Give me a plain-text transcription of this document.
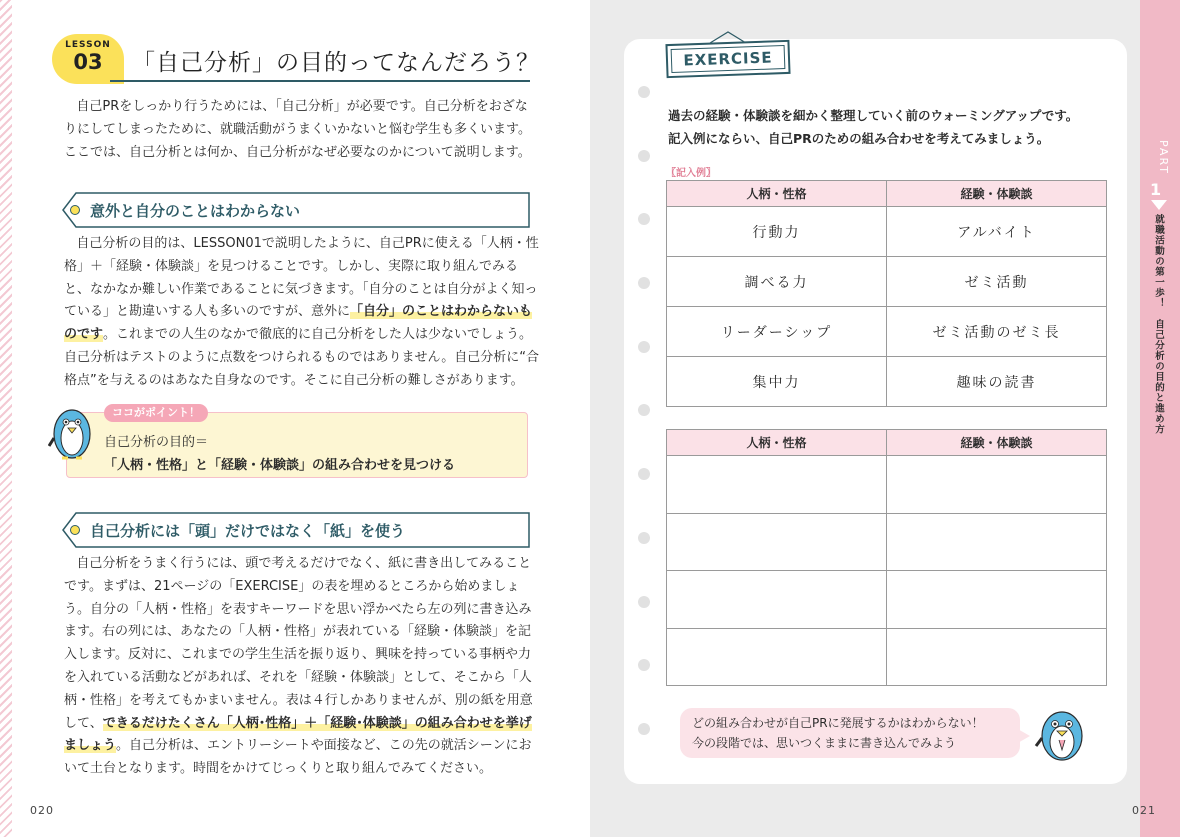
LESSON
03	「自己分析」の目的ってなんだろう？

自己PRをしっかり行うためには、「自己分析」が必要です。自己分析をおざなりにしてしまったために、就職活動がうまくいかないと悩む学生も多くいます。ここでは、自己分析とは何か、自己分析がなぜ必要なのかについて説明します。

意外と自分のことはわからない

自己分析の目的は、LESSON01で説明したように、自己PRに使える「人柄・性格」＋「経験・体験談」を見つけることです。しかし、実際に取り組んでみると、なかなか難しい作業であることに気づきます。「自分のことは自分がよく知っている」と勘違いする人も多いのですが、意外に「自分」のことはわからないものです。これまでの人生のなかで徹底的に自己分析をした人は少ないでしょう。自己分析はテストのように点数をつけられるものではありません。自己分析に“合格点”を与えるのはあなた自身なのです。そこに自己分析の難しさがあります。

ココがポイント！
自己分析の目的＝
「人柄・性格」と「経験・体験談」の組み合わせを見つける
自己分析には「頭」だけではなく「紙」を使う

自己分析をうまく行うには、頭で考えるだけでなく、紙に書き出してみることです。まずは、21ページの「EXERCISE」の表を埋めるところから始めましょう。自分の「人柄・性格」を表すキーワードを思い浮かべたら左の列に書き込みます。右の列には、あなたの「人柄・性格」が表れている「経験・体験談」を記入します。反対に、これまでの学生生活を振り返り、興味を持っている事柄や力を入れている活動などがあれば、それを「経験・体験談」として、そこから「人柄・性格」を考えてもかまいません。表は４行しかありませんが、別の紙を用意して、できるだけたくさん「人柄･性格」＋「経験･体験談」の組み合わせを挙げましょう。自己分析は、エントリーシートや面接など、この先の就活シーンにおいて土台となります。時間をかけてじっくりと取り組んでみてください。

020
PART
1
就職活動の第一歩！　自己分析の目的と進め方
EXERCISE
過去の経験・体験談を細かく整理していく前のウォーミングアップです。
記入例にならい、自己PRのための組み合わせを考えてみましょう。
〖記入例〗
人柄・性格	経験・体験談
行動力	アルバイト
調べる力	ゼミ活動
リーダーシップ	ゼミ活動のゼミ長
集中力	趣味の読書
人柄・性格	経験・体験談

どの組み合わせが自己PRに発展するかはわからない！
今の段階では、思いつくままに書き込んでみよう
021
